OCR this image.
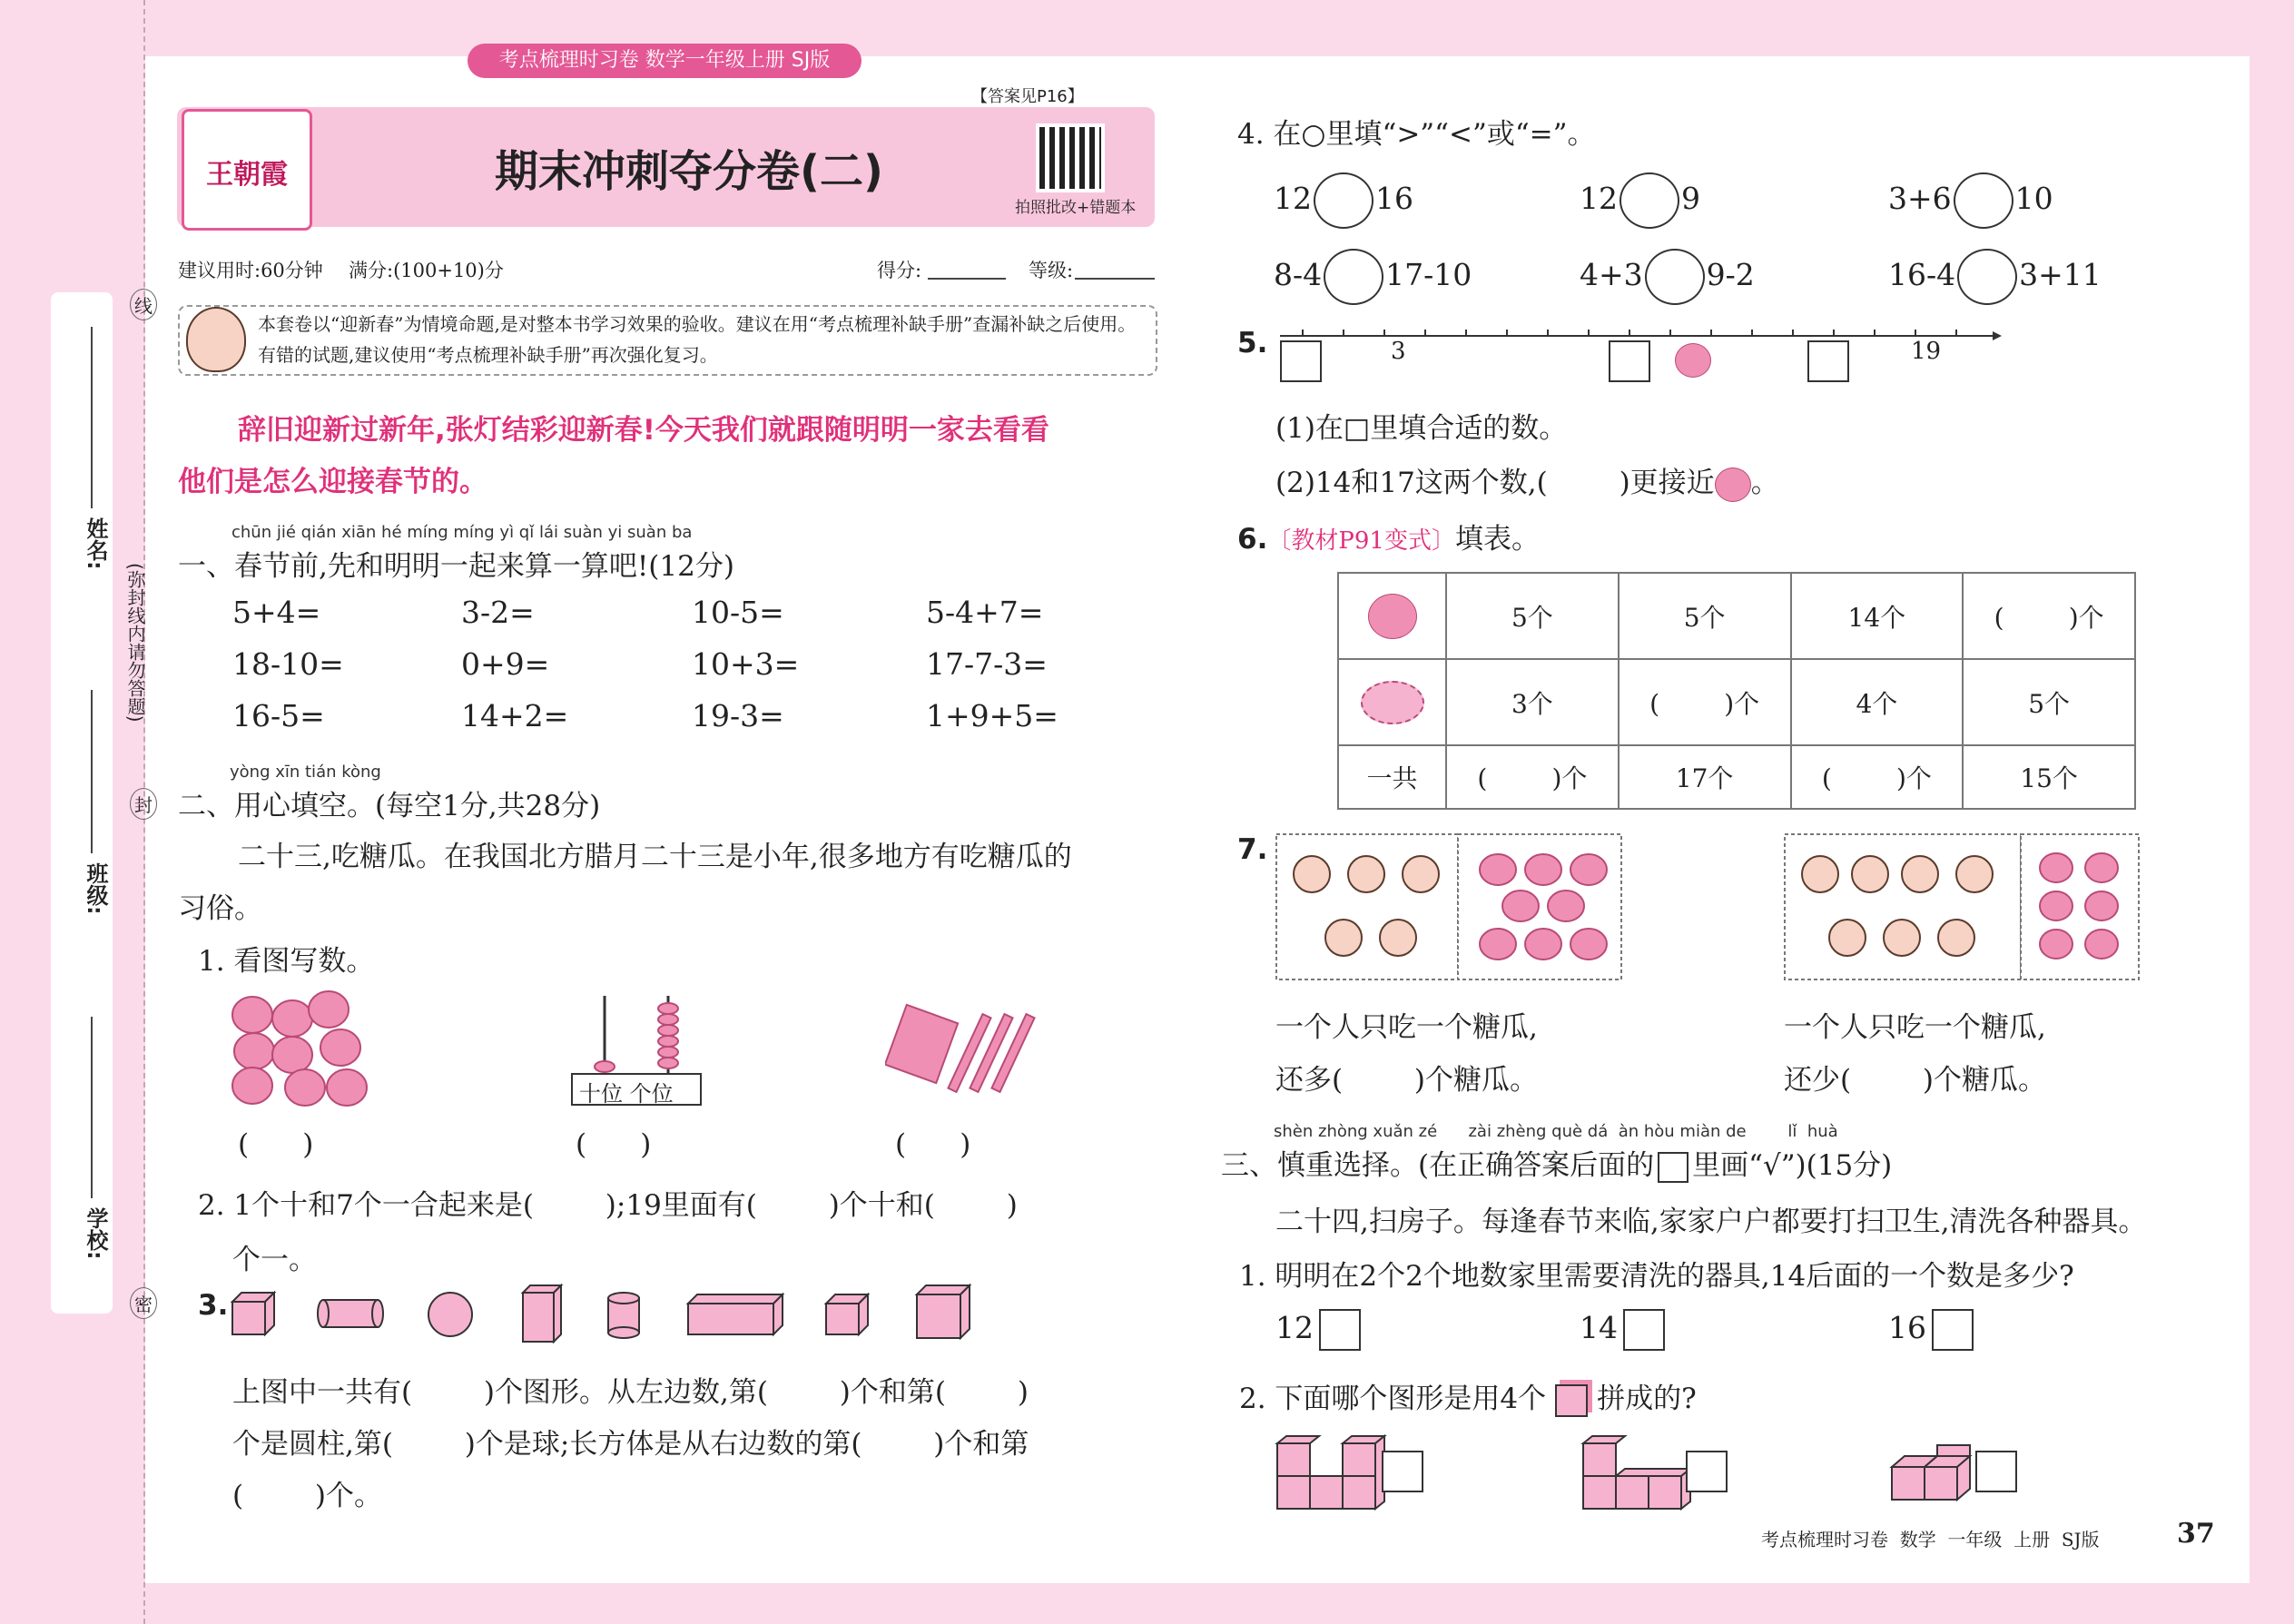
姓名:
班级:
学校:
(弥封线内请勿答题)
线
封
密
考点梳理时习卷 数学一年级上册 SJ版
【答案见P16】
王朝霞	期末冲刺夺分卷(二)
拍照批改+错题本
建议用时:60分钟 满分:(100+10)分	得分:	等级:
本套卷以“迎新春”为情境命题,是对整本书学习效果的验收。建议在用“考点梳理补缺手册”查漏补缺之后使用。有错的试题,建议使用“考点梳理补缺手册”再次强化复习。
辞旧迎新过新年,张灯结彩迎新春!今天我们就跟随明明一家去看看
他们是怎么迎接春节的。
chūn jié qián xiān hé míng míng yì qǐ lái suàn yi suàn ba
一、春节前,先和明明一起来算一算吧!(12分)
5+4=	3-2=	10-5=	5-4+7=
18-10=	0+9=	10+3=	17-7-3=
16-5=	14+2=	19-3=	1+9+5=
yòng xīn tián kòng
二、用心填空。(每空1分,共28分)
二十三,吃糖瓜。在我国北方腊月二十三是小年,很多地方有吃糖瓜的
习俗。
1. 看图写数。
十位 个位
(      )	(      )	(      )
2. 1个十和7个一合起来是(        );19里面有(        )个十和(        )
个一。
3.
上图中一共有(        )个图形。从左边数,第(        )个和第(        )
个是圆柱,第(        )个是球;长方体是从右边数的第(        )个和第
(        )个。
4. 在○里填“>”“<”或“=”。
12 16	12 9	3+6 10
8-4 17-10	4+3 9-2	16-4 3+11
5.	3	19
(1)在□里填合适的数。
(2)14和17这两个数,(        )更接近 。
6.〔教材P91变式〕填表。
	5个	5个	14个	(        )个
	3个	(        )个	4个	5个
一共	(        )个	17个	(        )个	15个
7.
一个人只吃一个糖瓜,
还多(        )个糖瓜。
一个人只吃一个糖瓜,
还少(        )个糖瓜。
shèn zhòng xuǎn zé      zài zhèng què dá  àn hòu miàn de        lǐ  huà
三、慎重选择。(在正确答案后面的 里画“√”)(15分)
二十四,扫房子。每逢春节来临,家家户户都要打扫卫生,清洗各种器具。
1. 明明在2个2个地数家里需要清洗的器具,14后面的一个数是多少?
12	14	16
2. 下面哪个图形是用4个 拼成的?
考点梳理时习卷  数学  一年级  上册  SJ版	37
